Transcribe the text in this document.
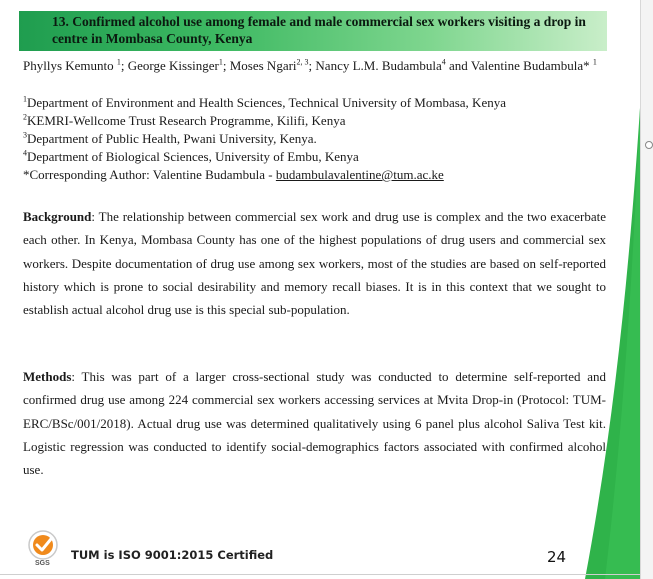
13. Confirmed alcohol use among female and male commercial sex workers visiting a drop in
centre in Mombasa County, Kenya

Phyllys Kemunto $^1$; George Kissinger$^1$; Moses Ngari$^{2, 3}$; Nancy L.M. Budambula$^4$ and Valentine Budambula* $^1$
$^1$Department of Environment and Health Sciences, Technical University of Mombasa, Kenya
$^2$KEMRI-Wellcome Trust Research Programme, Kilifi, Kenya
$^3$Department of Public Health, Pwani University, Kenya.
$^4$Department of Biological Sciences, University of Embu, Kenya
*Corresponding Author: Valentine Budambula - budambulavalentine@tum.ac.ke

Background: The relationship between commercial sex work and drug use is complex and the two exacerbate each other. In Kenya, Mombasa County has one of the highest populations of drug users and commercial sex workers. Despite documentation of drug use among sex workers, most of the studies are based on self-reported history which is prone to social desirability and memory recall biases. It is in this context that we sought to establish actual alcohol drug use is this special sub-population.

Methods: This was part of a larger cross-sectional study was conducted to determine self-reported and confirmed drug use among 224 commercial sex workers accessing services at Mvita Drop-in (Protocol: TUM-ERC/BSc/001/2018). Actual drug use was determined qualitatively using 6 panel plus alcohol Saliva Test kit. Logistic regression was conducted to identify social-demographics factors associated with confirmed alcohol use.

SGS
TUM is ISO 9001:2015 Certified	24
